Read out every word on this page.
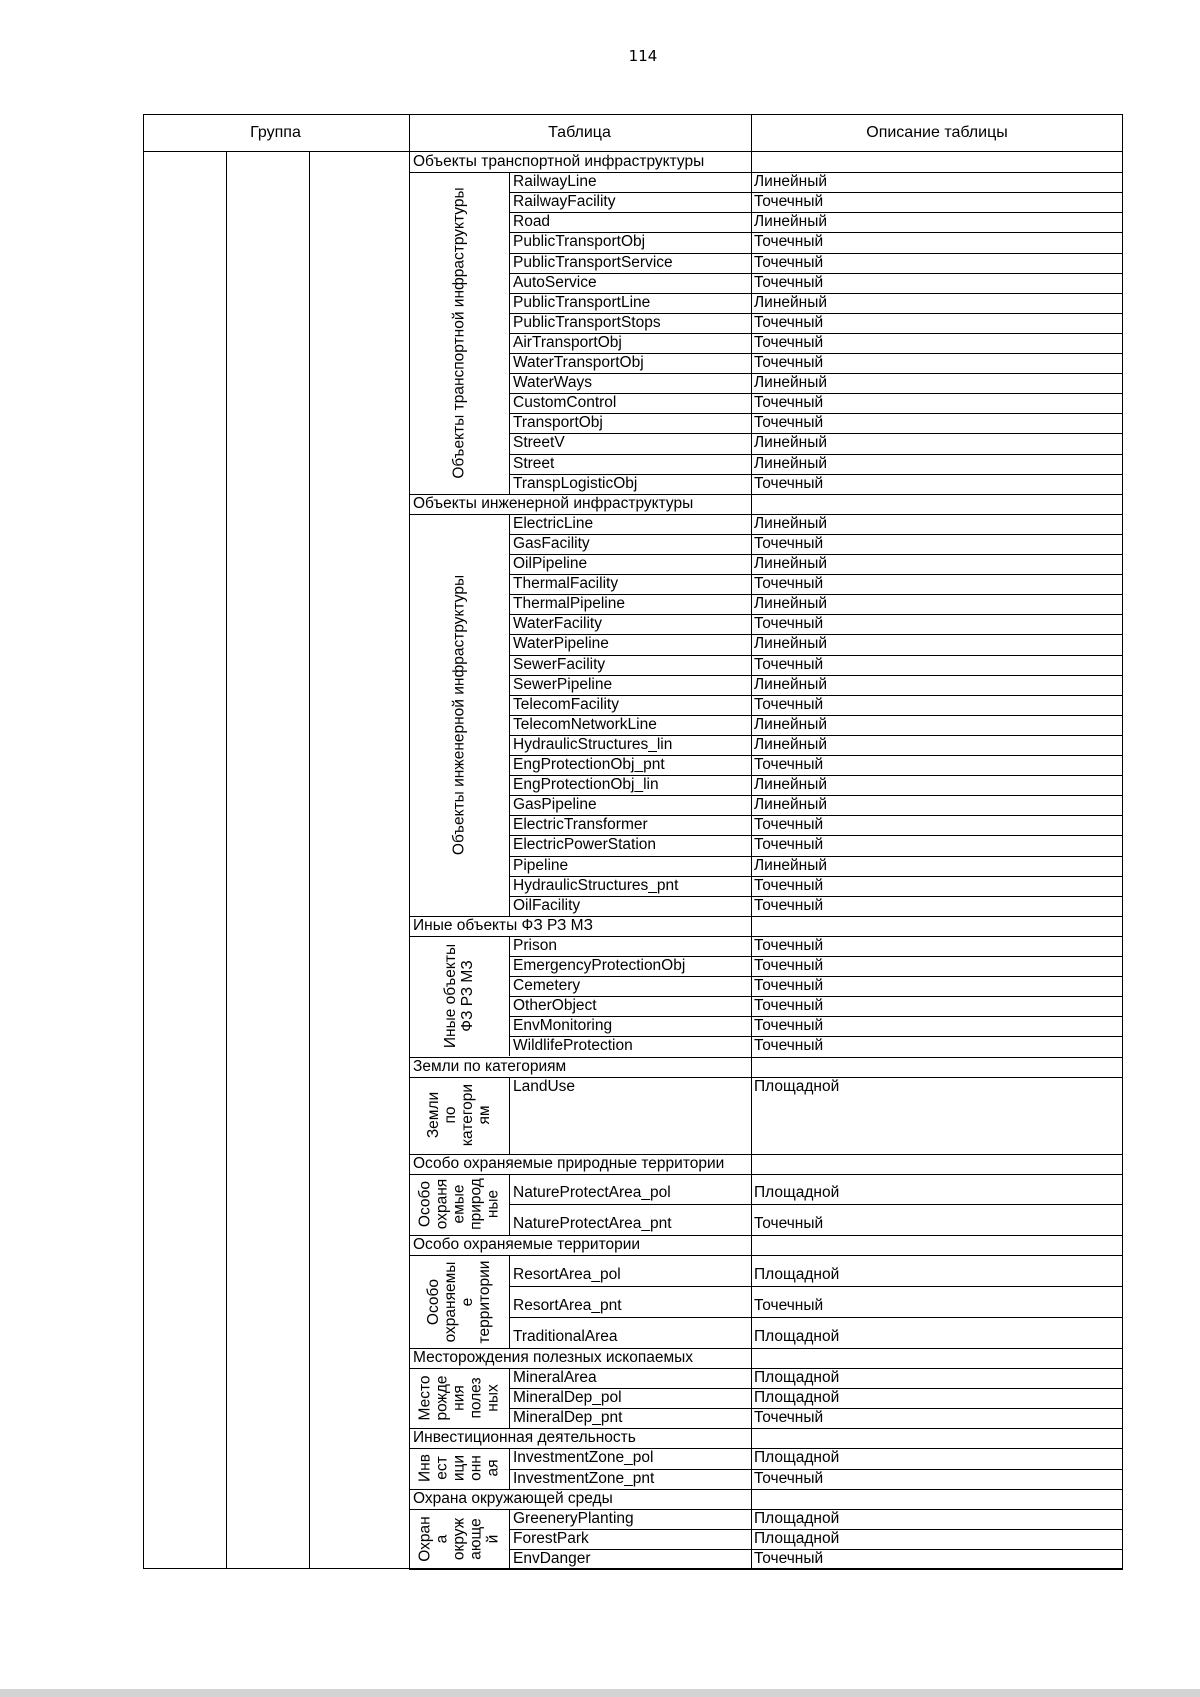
114
Группа	Таблица	Описание таблицы
Объекты транспортной инфраструктуры
RailwayLine	Линейный
RailwayFacility	Точечный
Road	Линейный
PublicTransportObj	Точечный
PublicTransportService	Точечный
AutoService	Точечный
PublicTransportLine	Линейный
PublicTransportStops	Точечный
AirTransportObj	Точечный
WaterTransportObj	Точечный
WaterWays	Линейный
CustomControl	Точечный
TransportObj	Точечный
StreetV	Линейный
Street	Линейный
TranspLogisticObj	Точечный
Объекты транспортной инфраструктуры
Объекты инженерной инфраструктуры
ElectricLine	Линейный
GasFacility	Точечный
OilPipeline	Линейный
ThermalFacility	Точечный
ThermalPipeline	Линейный
WaterFacility	Точечный
WaterPipeline	Линейный
SewerFacility	Точечный
SewerPipeline	Линейный
TelecomFacility	Точечный
TelecomNetworkLine	Линейный
HydraulicStructures_lin	Линейный
EngProtectionObj_pnt	Точечный
EngProtectionObj_lin	Линейный
GasPipeline	Линейный
ElectricTransformer	Точечный
ElectricPowerStation	Точечный
Pipeline	Линейный
HydraulicStructures_pnt	Точечный
OilFacility	Точечный
Объекты инженерной инфраструктуры
Иные объекты ФЗ РЗ МЗ
Prison	Точечный
EmergencyProtectionObj	Точечный
Cemetery	Точечный
OtherObject	Точечный
EnvMonitoring	Точечный
WildlifeProtection	Точечный
Иные объекты ФЗ РЗ МЗ
Земли по категориям
LandUse	Площадной
Земли по категори ям
Особо охраняемые природные территории
NatureProtectArea_pol	Площадной
NatureProtectArea_pnt	Точечный
Особо охраня емые природ ные
Особо охраняемые территории
ResortArea_pol	Площадной
ResortArea_pnt	Точечный
TraditionalArea	Площадной
Особо охраняемы е территории
Месторождения полезных ископаемых
MineralArea	Площадной
MineralDep_pol	Площадной
MineralDep_pnt	Точечный
Место рожде ния полез ных
Инвестиционная деятельность
InvestmentZone_pol	Площадной
InvestmentZone_pnt	Точечный
Инв ест ици онн ая
Охрана окружающей среды
GreeneryPlanting	Площадной
ForestPark	Площадной
EnvDanger	Точечный
Охран а окруж ающе й
